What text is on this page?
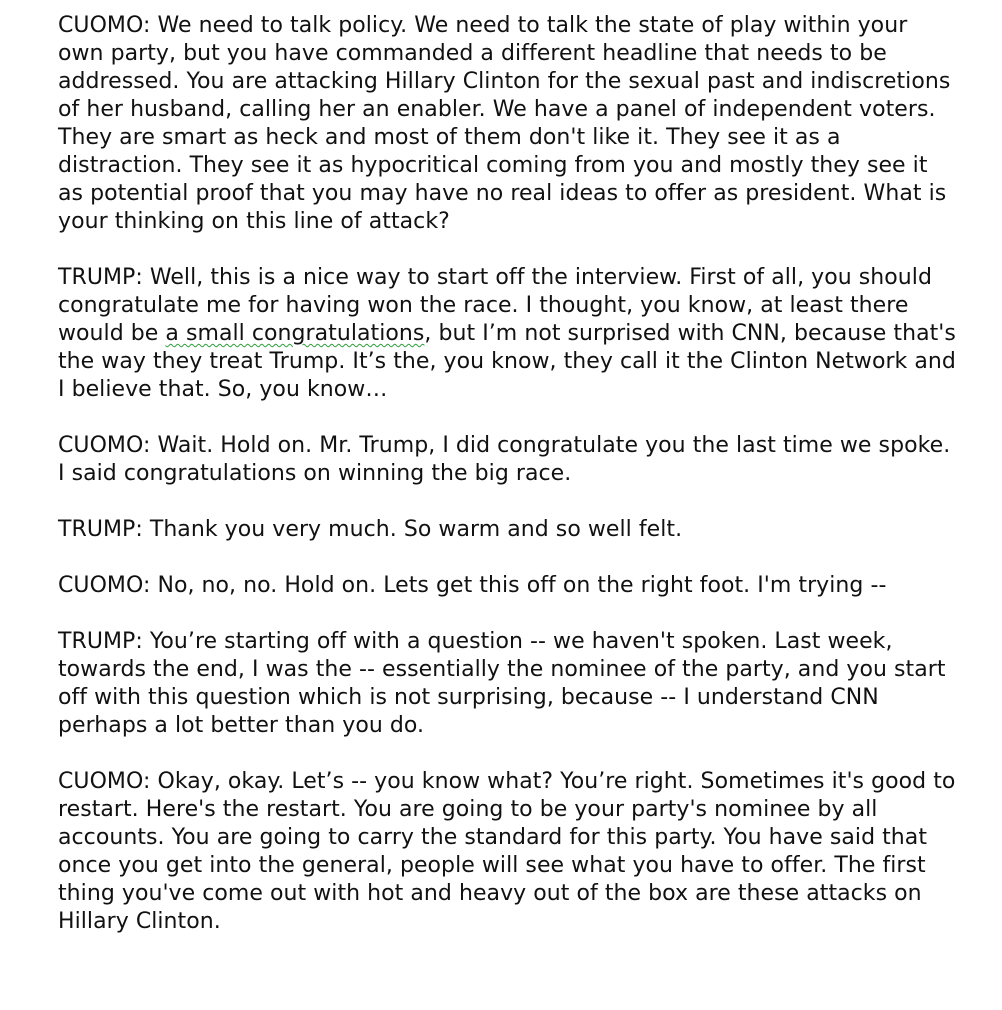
CUOMO: We need to talk policy. We need to talk the state of play within your own party, but you have commanded a different headline that needs to be addressed. You are attacking Hillary Clinton for the sexual past and indiscretions of her husband, calling her an enabler. We have a panel of independent voters. They are smart as heck and most of them don't like it. They see it as a distraction. They see it as hypocritical coming from you and mostly they see it as potential proof that you may have no real ideas to offer as president. What is your thinking on this line of attack?

TRUMP: Well, this is a nice way to start off the interview. First of all, you should congratulate me for having won the race. I thought, you know, at least there would be a small congratulations, but I’m not surprised with CNN, because that's the way they treat Trump. It’s the, you know, they call it the Clinton Network and I believe that. So, you know…

CUOMO: Wait. Hold on. Mr. Trump, I did congratulate you the last time we spoke. I said congratulations on winning the big race.

TRUMP: Thank you very much. So warm and so well felt.

CUOMO: No, no, no. Hold on. Lets get this off on the right foot. I'm trying --

TRUMP: You’re starting off with a question -- we haven't spoken. Last week, towards the end, I was the -- essentially the nominee of the party, and you start off with this question which is not surprising, because -- I understand CNN perhaps a lot better than you do.

CUOMO: Okay, okay. Let’s -- you know what? You’re right. Sometimes it's good to restart. Here's the restart. You are going to be your party's nominee by all accounts. You are going to carry the standard for this party. You have said that once you get into the general, people will see what you have to offer. The first thing you've come out with hot and heavy out of the box are these attacks on Hillary Clinton.
